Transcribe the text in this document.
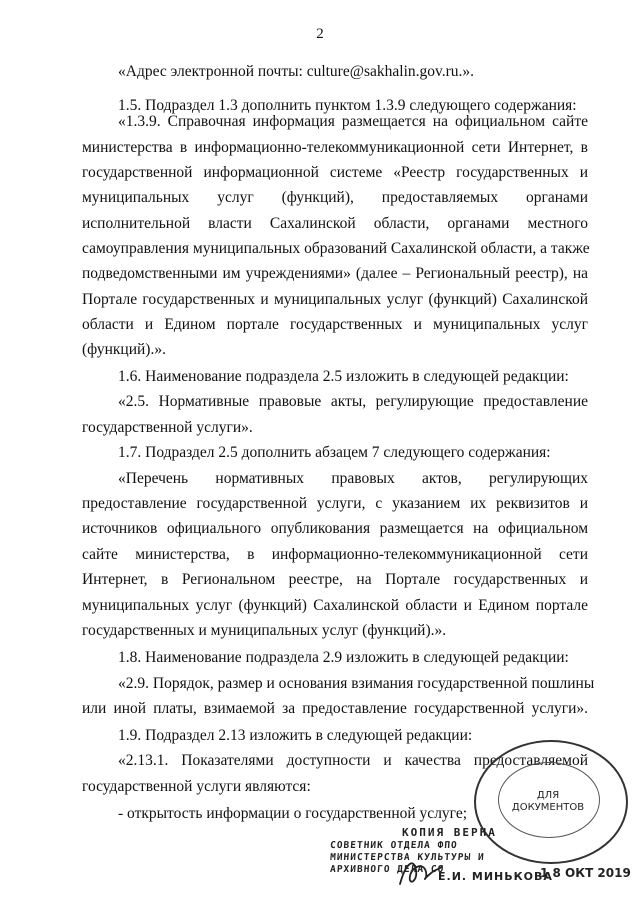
2
«Адрес электронной почты: culture@sakhalin.gov.ru.».
1.5. Подраздел 1.3 дополнить пунктом 1.3.9 следующего содержания:
«1.3.9. Справочная информация размещается на официальном сайте
министерства в информационно-телекоммуникационной сети Интернет, в
государственной информационной системе «Реестр государственных и
муниципальных услуг (функций), предоставляемых органами
исполнительной власти Сахалинской области, органами местного
самоуправления муниципальных образований Сахалинской области, а также
подведомственными им учреждениями» (далее – Региональный реестр), на
Портале государственных и муниципальных услуг (функций) Сахалинской
области и Едином портале государственных и муниципальных услуг
(функций).».
1.6. Наименование подраздела 2.5 изложить в следующей редакции:
«2.5. Нормативные правовые акты, регулирующие предоставление
государственной услуги».
1.7. Подраздел 2.5 дополнить абзацем 7 следующего содержания:
«Перечень нормативных правовых актов, регулирующих
предоставление государственной услуги, с указанием их реквизитов и
источников официального опубликования размещается на официальном
сайте министерства, в информационно-телекоммуникационной сети
Интернет, в Региональном реестре, на Портале государственных и
муниципальных услуг (функций) Сахалинской области и Едином портале
государственных и муниципальных услуг (функций).».
1.8. Наименование подраздела 2.9 изложить в следующей редакции:
«2.9. Порядок, размер и основания взимания государственной пошлины
или иной платы, взимаемой за предоставление государственной услуги».
1.9. Подраздел 2.13 изложить в следующей редакции:
«2.13.1. Показателями доступности и качества предоставляемой
государственной услуги являются:
- открытость информации о государственной услуге;
ДЛЯ ДОКУМЕНТОВ
КОПИЯ ВЕРНА
СОВЕТНИК ОТДЕЛА ФПО
МИНИСТЕРСТВА КУЛЬТУРЫ И
АРХИВНОГО ДЕЛА СО
Е.И. МИНЬКОВА
1 8 ОКТ 2019
